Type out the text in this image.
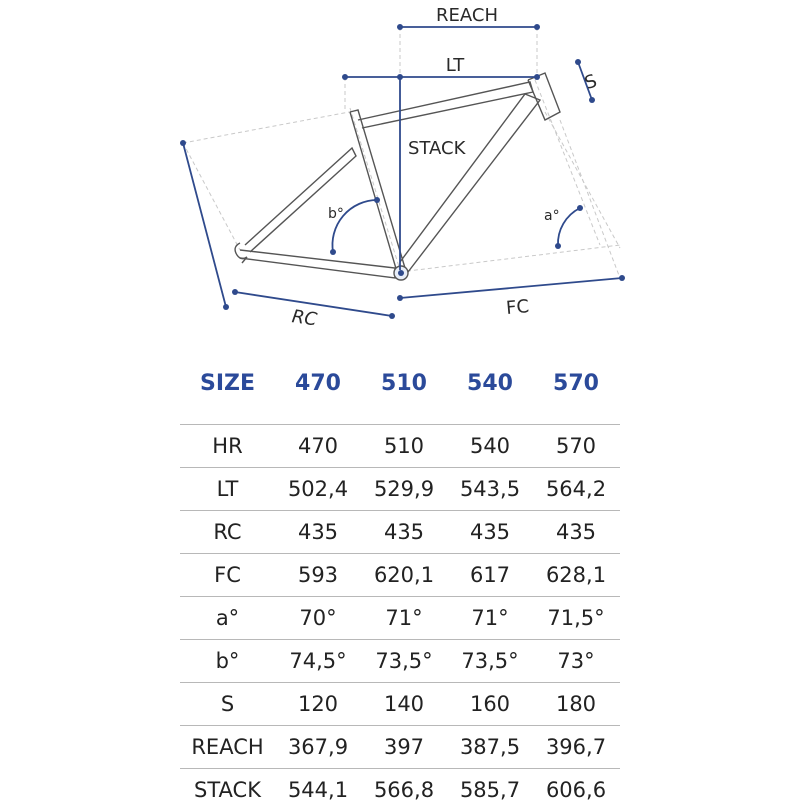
REACH
LT
STACK
S
b°	a°
RC	FC
SIZE	470	510	540	570
HR	470	510	540	570
LT	502,4	529,9	543,5	564,2
RC	435	435	435	435
FC	593	620,1	617	628,1
a°	70°	71°	71°	71,5°
b°	74,5°	73,5°	73,5°	73°
S	120	140	160	180
REACH	367,9	397	387,5	396,7
STACK	544,1	566,8	585,7	606,6
